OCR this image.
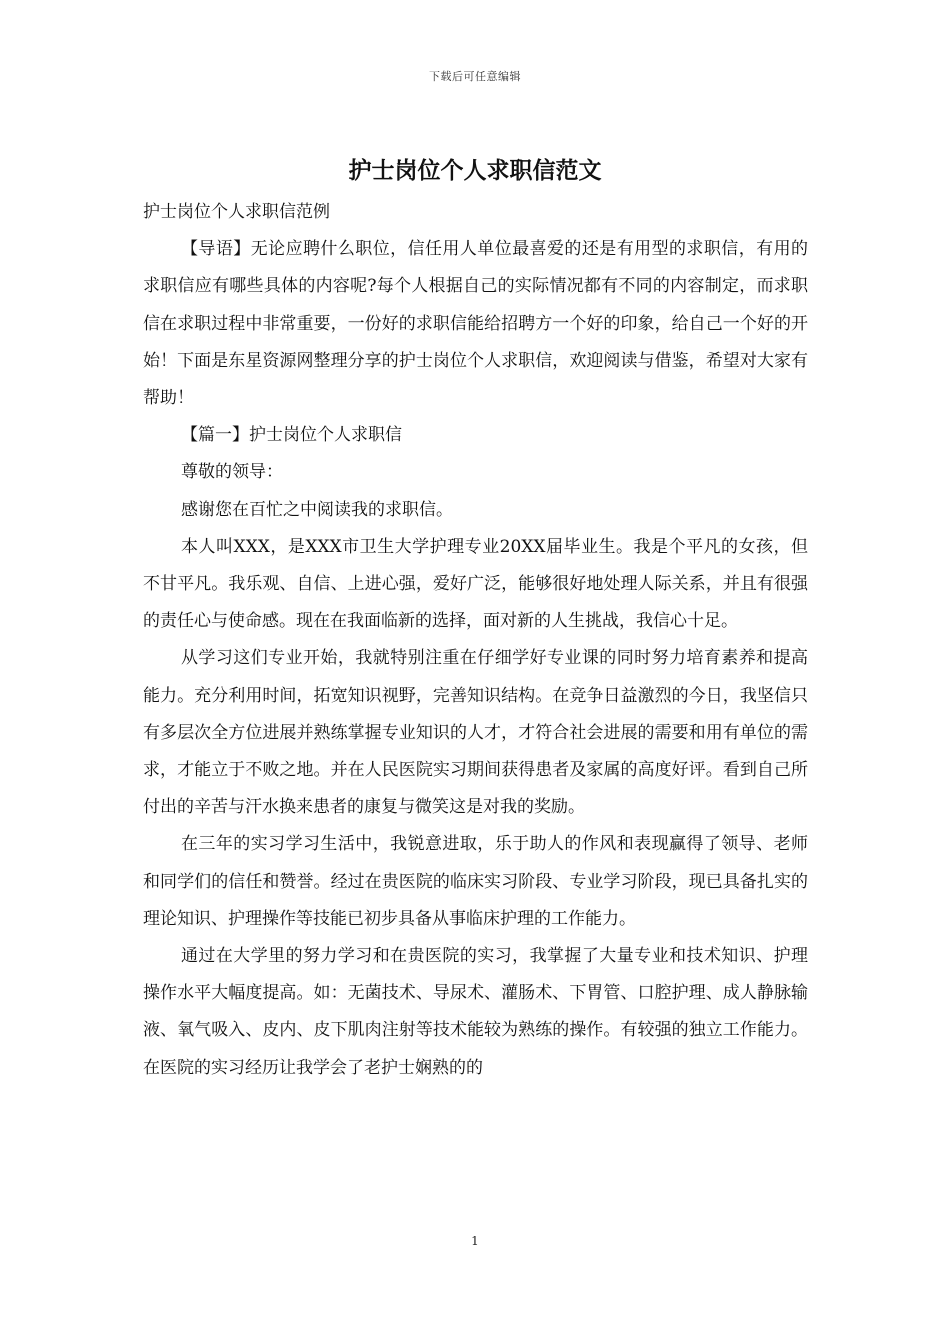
下载后可任意编辑
护士岗位个人求职信范文

护士岗位个人求职信范例

【导语】无论应聘什么职位，信任用人单位最喜爱的还是有用型的求职信，有用的求职信应有哪些具体的内容呢?每个人根据自己的实际情况都有不同的内容制定，而求职信在求职过程中非常重要，一份好的求职信能给招聘方一个好的印象，给自己一个好的开始！下面是东星资源网整理分享的护士岗位个人求职信，欢迎阅读与借鉴，希望对大家有帮助！

【篇一】护士岗位个人求职信

尊敬的领导：

感谢您在百忙之中阅读我的求职信。

本人叫XXX，是XXX市卫生大学护理专业20XX届毕业生。我是个平凡的女孩，但不甘平凡。我乐观、自信、上进心强，爱好广泛，能够很好地处理人际关系，并且有很强的责任心与使命感。现在在我面临新的选择，面对新的人生挑战，我信心十足。

从学习这们专业开始，我就特别注重在仔细学好专业课的同时努力培育素养和提高能力。充分利用时间，拓宽知识视野，完善知识结构。在竞争日益激烈的今日，我坚信只有多层次全方位进展并熟练掌握专业知识的人才，才符合社会进展的需要和用有单位的需求，才能立于不败之地。并在人民医院实习期间获得患者及家属的高度好评。看到自己所付出的辛苦与汗水换来患者的康复与微笑这是对我的奖励。

在三年的实习学习生活中，我锐意进取，乐于助人的作风和表现赢得了领导、老师和同学们的信任和赞誉。经过在贵医院的临床实习阶段、专业学习阶段，现已具备扎实的理论知识、护理操作等技能已初步具备从事临床护理的工作能力。

通过在大学里的努力学习和在贵医院的实习，我掌握了大量专业和技术知识、护理操作水平大幅度提高。如：无菌技术、导尿术、灌肠术、下胃管、口腔护理、成人静脉输液、氧气吸入、皮内、皮下肌肉注射等技术能较为熟练的操作。有较强的独立工作能力。在医院的实习经历让我学会了老护士娴熟的的

1
